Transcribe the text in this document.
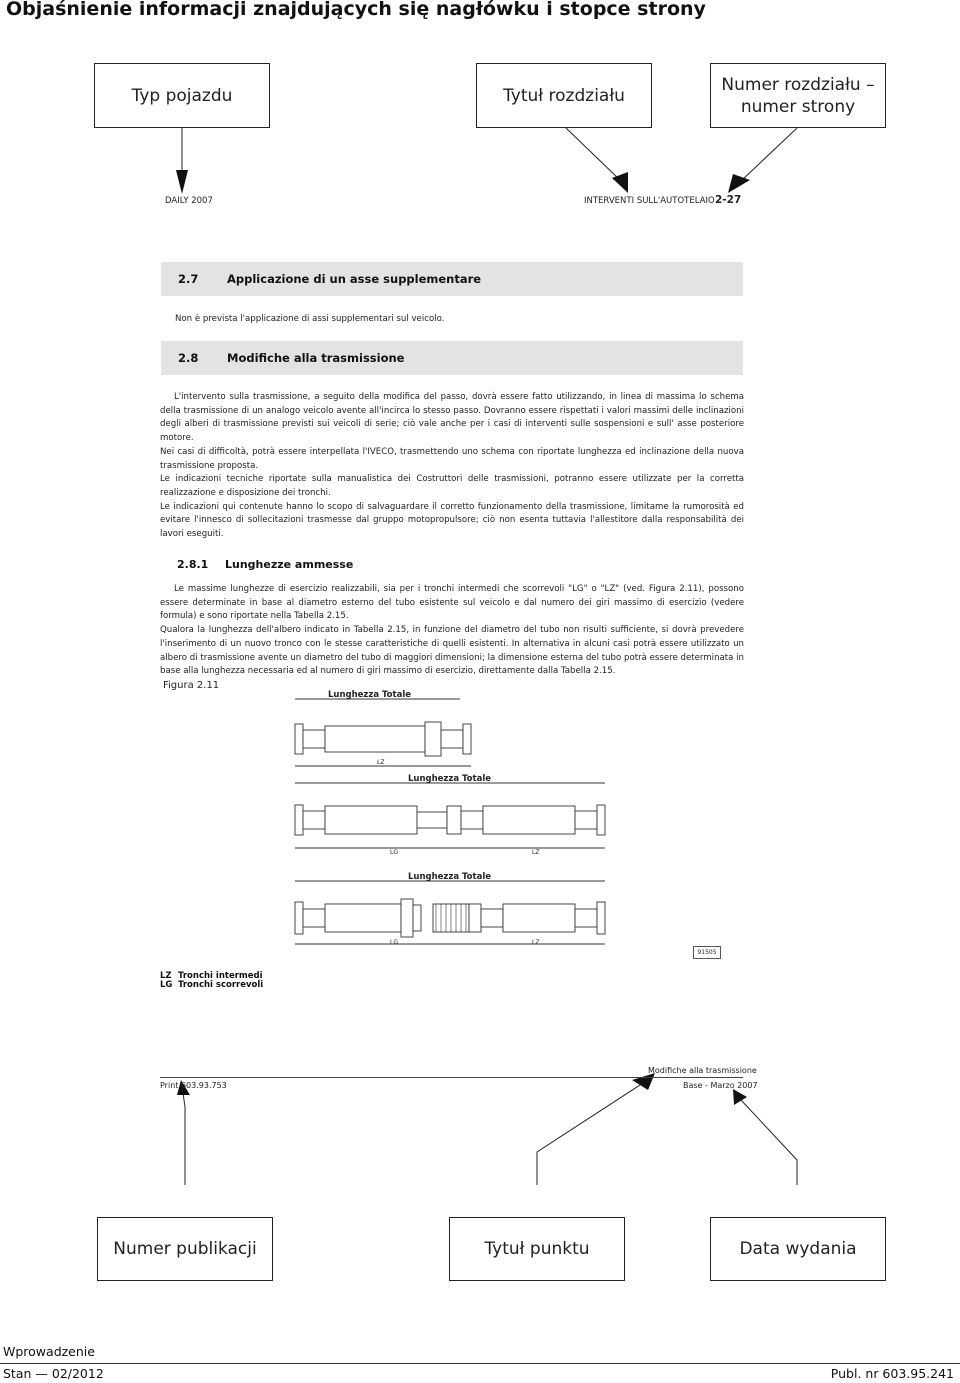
Objaśnienie informacji znajdujących się nagłówku i stopce strony
Typ pojazdu	Tytuł rozdziału
Numer rozdziału –
numer strony
DAILY 2007	INTERVENTI SULL'AUTOTELAIO 2-27
2.7 Applicazione di un asse supplementare
Non è prevista l'applicazione di assi supplementari sul veicolo.
2.8 Modifiche alla trasmissione

L'intervento sulla trasmissione, a seguito della modifica del passo, dovrà essere fatto utilizzando, in linea di massima lo schema della trasmissione di un analogo veicolo avente all'incirca lo stesso passo. Dovranno essere rispettati i valori massimi delle inclinazioni degli alberi di trasmissione previsti sui veicoli di serie; ciò vale anche per i casi di interventi sulle sospensioni e sull' asse posteriore motore.

Nei casi di difficoltà, potrà essere interpellata l'IVECO, trasmettendo uno schema con riportate lunghezza ed inclinazione della nuova trasmissione proposta.

Le indicazioni tecniche riportate sulla manualistica dei Costruttori delle trasmissioni, potranno essere utilizzate per la corretta realizzazione e disposizione dei tronchi.

Le indicazioni qui contenute hanno lo scopo di salvaguardare il corretto funzionamento della trasmissione, limitame la rumorosità ed evitare l'innesco di sollecitazioni trasmesse dal gruppo motopropulsore; ciò non esenta tuttavia l'allestitore dalla responsabilità dei lavori eseguiti.

2.8.1 Lunghezze ammesse

Le massime lunghezze di esercizio realizzabili, sia per i tronchi intermedi che scorrevoli "LG" o "LZ" (ved. Figura 2.11), possono essere determinate in base al diametro esterno del tubo esistente sul veicolo e dal numero dei giri massimo di esercizio (vedere formula) e sono riportate nella Tabella 2.15.

Qualora la lunghezza dell'albero indicato in Tabella 2.15, in funzione del diametro del tubo non risulti sufficiente, si dovrà prevedere l'inserimento di un nuovo tronco con le stesse caratteristiche di quelli esistenti. In alternativa in alcuni casi potrà essere utilizzato un albero di trasmissione avente un diametro del tubo di maggiori dimensioni; la dimensione esterna del tubo potrà essere determinata in base alla lunghezza necessaria ed al numero di giri massimo di esercizio, direttamente dalla Tabella 2.15.

Figura 2.11
Lunghezza Totale
Lunghezza Totale
Lunghezza Totale
LZ
LG	LZ
LG	LZ
91505
LZ Tronchi intermedi
LG Tronchi scorrevoli
Modifiche alla trasmissione
Print 603.93.753	Base - Marzo 2007
Numer publikacji	Tytuł punktu	Data wydania
Wprowadzenie
Stan — 02/2012	Publ. nr 603.95.241
